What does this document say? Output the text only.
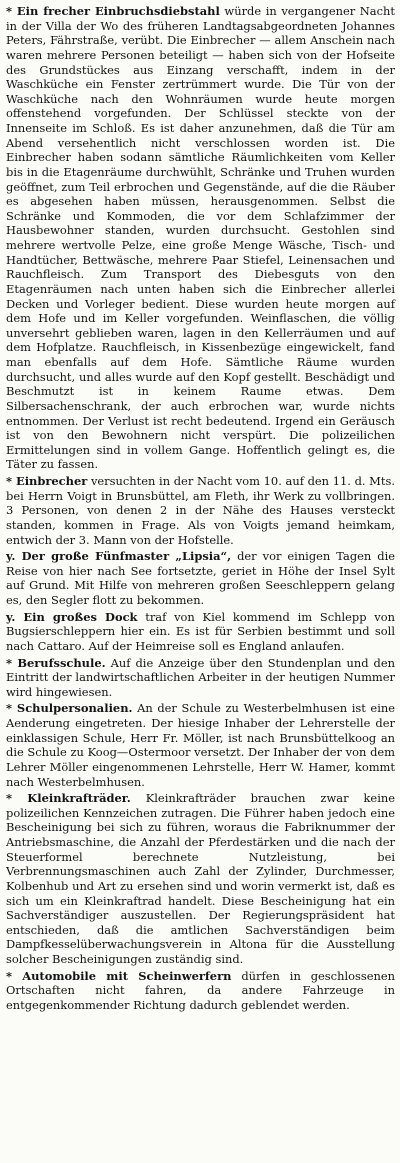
* Ein frecher Einbruchsdiebstahl würde in vergangener Nacht in der Villa der Wo des früheren Landtagsabgeordneten Johannes Peters, Fährstraße, verübt. Die Einbrecher — allem Anschein nach waren mehrere Personen beteiligt — haben sich von der Hofseite des Grundstückes aus Einzang verschafft, indem in der Waschküche ein Fenster zertrümmert wurde. Die Tür von der Waschküche nach den Wohnräumen wurde heute morgen offenstehend vorgefunden. Der Schlüssel steckte von der Innenseite im Schloß. Es ist daher anzunehmen, daß die Tür am Abend versehentlich nicht verschlossen worden ist. Die Einbrecher haben sodann sämtliche Räumlichkeiten vom Keller bis in die Etagenräume durchwühlt, Schränke und Truhen wurden geöffnet, zum Teil erbrochen und Gegenstände, auf die die Räuber es abgesehen haben müssen, herausgenommen. Selbst die Schränke und Kommoden, die vor dem Schlafzimmer der Hausbewohner standen, wurden durchsucht. Gestohlen sind mehrere wertvolle Pelze, eine große Menge Wäsche, Tisch- und Handtücher, Bettwäsche, mehrere Paar Stiefel, Leinensachen und Rauchfleisch. Zum Transport des Diebesguts von den Etagenräumen nach unten haben sich die Einbrecher allerlei Decken und Vorleger bedient. Diese wurden heute morgen auf dem Hofe und im Keller vorgefunden. Weinflaschen, die völlig unversehrt geblieben waren, lagen in den Kellerräumen und auf dem Hofplatze. Rauchfleisch, in Kissenbezüge eingewickelt, fand man ebenfalls auf dem Hofe. Sämtliche Räume wurden durchsucht, und alles wurde auf den Kopf gestellt. Beschädigt und Beschmutzt ist in keinem Raume etwas. Dem Silbersachenschrank, der auch erbrochen war, wurde nichts entnommen. Der Verlust ist recht bedeutend. Irgend ein Geräusch ist von den Bewohnern nicht verspürt. Die polizeilichen Ermittelungen sind in vollem Gange. Hoffentlich gelingt es, die Täter zu fassen.

* Einbrecher versuchten in der Nacht vom 10. auf den 11. d. Mts. bei Herrn Voigt in Brunsbüttel, am Fleth, ihr Werk zu vollbringen. 3 Personen, von denen 2 in der Nähe des Hauses versteckt standen, kommen in Frage. Als von Voigts jemand heimkam, entwich der 3. Mann von der Hofstelle.

y. Der große Fünfmaster „Lipsia“, der vor einigen Tagen die Reise von hier nach See fortsetzte, geriet in Höhe der Insel Sylt auf Grund. Mit Hilfe von mehreren großen Seeschleppern gelang es, den Segler flott zu bekommen.

y. Ein großes Dock traf von Kiel kommend im Schlepp von Bugsierschleppern hier ein. Es ist für Serbien bestimmt und soll nach Cattaro. Auf der Heimreise soll es England anlaufen.

* Berufsschule. Auf die Anzeige über den Stundenplan und den Eintritt der landwirtschaftlichen Arbeiter in der heutigen Nummer wird hingewiesen.

* Schulpersonalien. An der Schule zu Westerbelmhusen ist eine Aenderung eingetreten. Der hiesige Inhaber der Lehrerstelle der einklassigen Schule, Herr Fr. Möller, ist nach Brunsbüttelkoog an die Schule zu Koog—Ostermoor versetzt. Der Inhaber der von dem Lehrer Möller eingenommenen Lehrstelle, Herr W. Hamer, kommt nach Westerbelmhusen.

* Kleinkrafträder. Kleinkrafträder brauchen zwar keine polizeilichen Kennzeichen zutragen. Die Führer haben jedoch eine Bescheinigung bei sich zu führen, woraus die Fabriknummer der Antriebsmaschine, die Anzahl der Pferdestärken und die nach der Steuerformel berechnete Nutzleistung, bei Verbrennungsmaschinen auch Zahl der Zylinder, Durchmesser, Kolbenhub und Art zu ersehen sind und worin vermerkt ist, daß es sich um ein Kleinkraftrad handelt. Diese Bescheinigung hat ein Sachverständiger auszustellen. Der Regierungspräsident hat entschieden, daß die amtlichen Sachverständigen beim Dampfkesselüberwachungsverein in Altona für die Ausstellung solcher Bescheinigungen zuständig sind.

* Automobile mit Scheinwerfern dürfen in geschlossenen Ortschaften nicht fahren, da andere Fahrzeuge in entgegenkommender Richtung dadurch geblendet werden.
